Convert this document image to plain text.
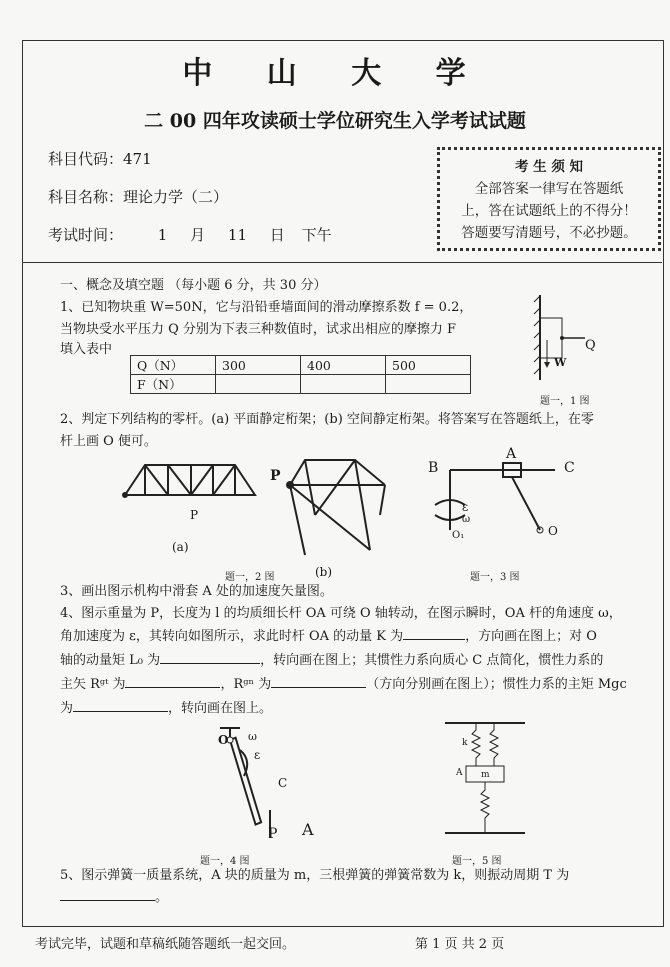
中 山 大 学
二 00 四年攻读硕士学位研究生入学考试试题
科目代码：471
科目名称：理论力学（二）
考试时间： 1 月 11 日 下午
考 生 须 知
全部答案一律写在答题纸
上，答在试题纸上的不得分！
答题要写清题号，不必抄题。
一、概念及填空题 （每小题 6 分，共 30 分）
1、已知物块重 W=50N，它与沿铅垂墙面间的滑动摩擦系数 f = 0.2，
当物块受水平压力 Q 分别为下表三种数值时，试求出相应的摩擦力 F
填入表中
Q（N）	300	400	500
F（N）			
Q
W
题一，1 图
2、判定下列结构的零杆。(a) 平面静定桁架；(b) 空间静定桁架。将答案写在答题纸上，在零
杆上画 O 便可。
P
P
(a)
(b)
题一，2 图
B
A
C
ε
ω
O₁	O
题一，3 图
3、画出图示机构中滑套 A 处的加速度矢量图。
4、图示重量为 P，长度为 l 的均质细长杆 OA 可绕 O 轴转动，在图示瞬时，OA 杆的角速度 ω，
角加速度为 ε，其转向如图所示，求此时杆 OA 的动量 K 为	，方向画在图上；对 O
轴的动量矩 L₀ 为	，转向画在图上；其惯性力系向质心 C 点简化，惯性力系的
主矢 Rᵍᵗ 为	，Rᵍⁿ 为	（方向分别画在图上）；惯性力系的主矩 Mgc
为	，转向画在图上。
O ω
ε
C
P A
题一，4 图
m
A
k
题一，5 图
5、图示弹簧一质量系统，A 块的质量为 m，三根弹簧的弹簧常数为 k，则振动周期 T 为
。
考试完毕，试题和草稿纸随答题纸一起交回。	第 1 页 共 2 页
